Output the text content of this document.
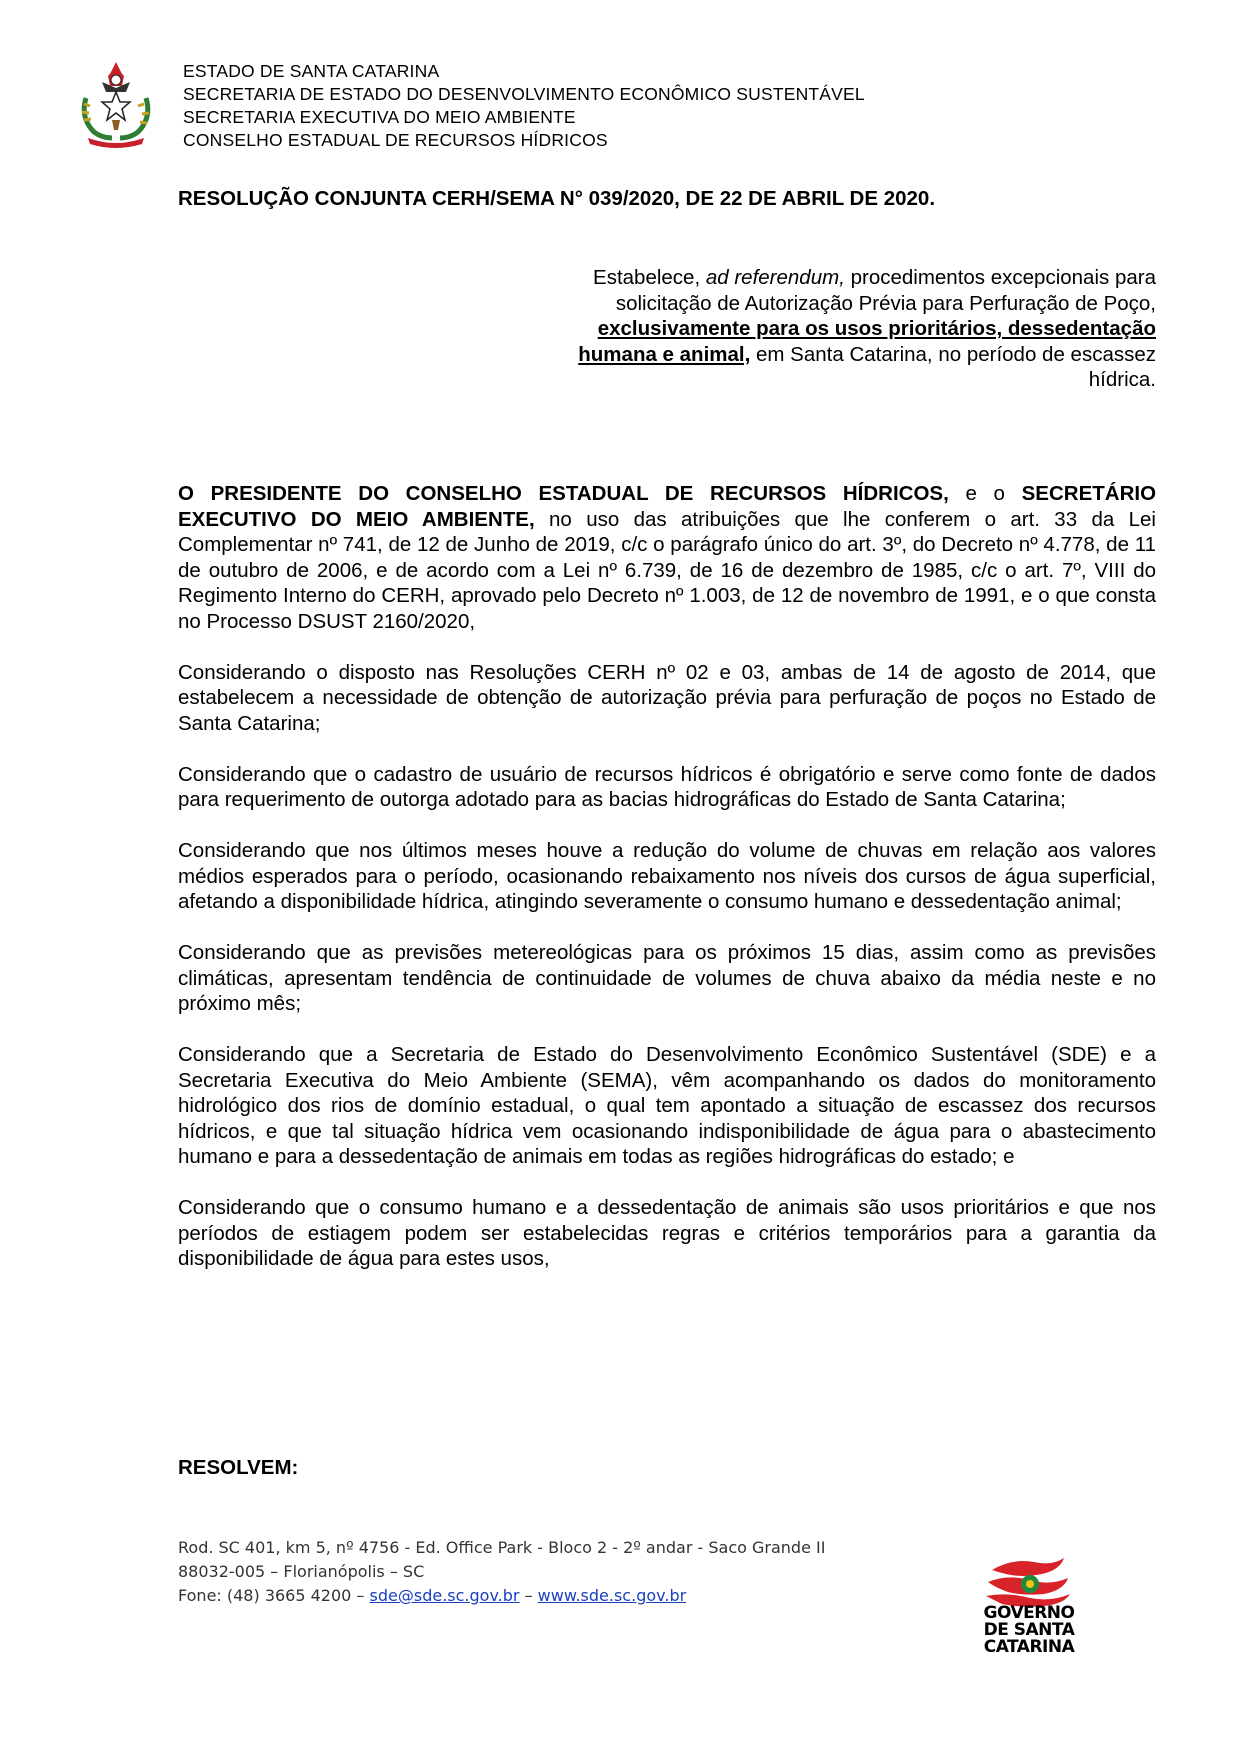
ESTADO DE SANTA CATARINA
SECRETARIA DE ESTADO DO DESENVOLVIMENTO ECONÔMICO SUSTENTÁVEL
SECRETARIA EXECUTIVA DO MEIO AMBIENTE
CONSELHO ESTADUAL DE RECURSOS HÍDRICOS
RESOLUÇÃO CONJUNTA CERH/SEMA N° 039/2020, DE 22 DE ABRIL DE 2020.
Estabelece, ad referendum, procedimentos excepcionais para solicitação de Autorização Prévia para Perfuração de Poço, exclusivamente para os usos prioritários, dessedentação humana e animal, em Santa Catarina, no período de escassez hídrica.

O PRESIDENTE DO CONSELHO ESTADUAL DE RECURSOS HÍDRICOS, e o SECRETÁRIO EXECUTIVO DO MEIO AMBIENTE, no uso das atribuições que lhe conferem o art. 33 da Lei Complementar nº 741, de 12 de Junho de 2019, c/c o parágrafo único do art. 3º, do Decreto nº 4.778, de 11 de outubro de 2006, e de acordo com a Lei nº 6.739, de 16 de dezembro de 1985, c/c o art. 7º, VIII do Regimento Interno do CERH, aprovado pelo Decreto nº 1.003, de 12 de novembro de 1991, e o que consta no Processo DSUST 2160/2020,

Considerando o disposto nas Resoluções CERH nº 02 e 03, ambas de 14 de agosto de 2014, que estabelecem a necessidade de obtenção de autorização prévia para perfuração de poços no Estado de Santa Catarina;

Considerando que o cadastro de usuário de recursos hídricos é obrigatório e serve como fonte de dados para requerimento de outorga adotado para as bacias hidrográficas do Estado de Santa Catarina;

Considerando que nos últimos meses houve a redução do volume de chuvas em relação aos valores médios esperados para o período, ocasionando rebaixamento nos níveis dos cursos de água superficial, afetando a disponibilidade hídrica, atingindo severamente o consumo humano e dessedentação animal;

Considerando que as previsões metereológicas para os próximos 15 dias, assim como as previsões climáticas, apresentam tendência de continuidade de volumes de chuva abaixo da média neste e no próximo mês;

Considerando que a Secretaria de Estado do Desenvolvimento Econômico Sustentável (SDE) e a Secretaria Executiva do Meio Ambiente (SEMA), vêm acompanhando os dados do monitoramento hidrológico dos rios de domínio estadual, o qual tem apontado a situação de escassez dos recursos hídricos, e que tal situação hídrica vem ocasionando indisponibilidade de água para o abastecimento humano e para a dessedentação de animais em todas as regiões hidrográficas do estado; e

Considerando que o consumo humano e a dessedentação de animais são usos prioritários e que nos períodos de estiagem podem ser estabelecidas regras e critérios temporários para a garantia da disponibilidade de água para estes usos,

RESOLVEM:
Rod. SC 401, km 5, nº 4756 - Ed. Office Park - Bloco 2 - 2º andar - Saco Grande II
88032-005 – Florianópolis – SC
Fone: (48) 3665 4200 – sde@sde.sc.gov.br – www.sde.sc.gov.br
GOVERNO
DE SANTA
CATARINA
